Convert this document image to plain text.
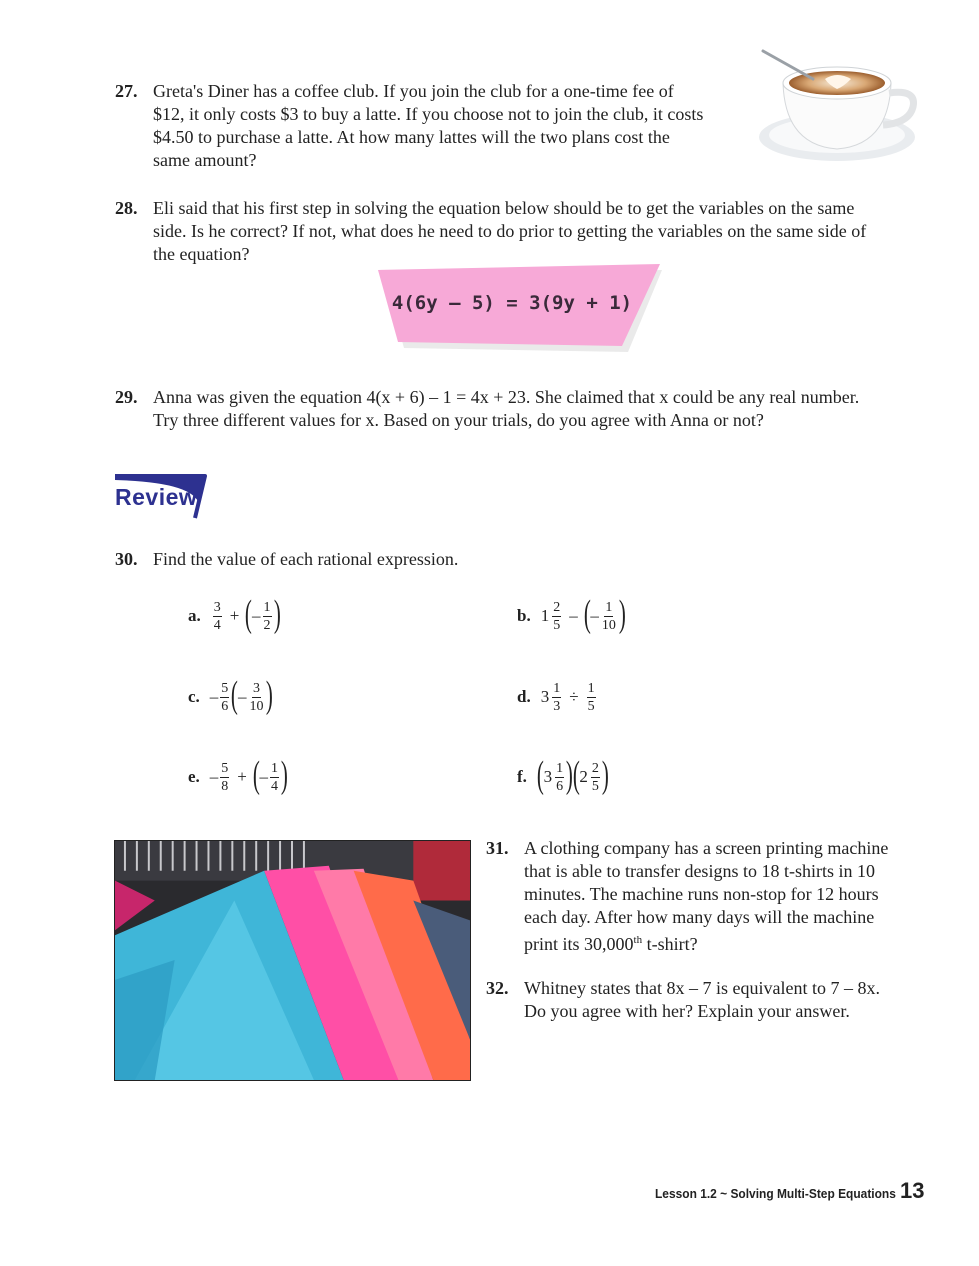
27. Greta's Diner has a coffee club. If you join the club for a one-time fee of

$12, it only costs $3 to buy a latte. If you choose not to join the club, it costs

$4.50 to purchase a latte. At how many lattes will the two plans cost the

same amount?

28. Eli said that his first step in solving the equation below should be to get the variables on the same

side. Is he correct? If not, what does he need to do prior to getting the variables on the same side of

the equation?

4(6y – 5) = 3(9y + 1)
29. Anna was given the equation 4(x + 6) – 1 = 4x + 23. She claimed that x could be any real number.

Try three different values for x. Based on your trials, do you agree with Anna or not?

Review
30. Find the value of each rational expression.
a. $\frac{3}{4}$ + ( – $\frac{1}{2}$ )	b. $1 \frac{2}{5}$ – ( – $\frac{1}{10}$ )
c. – $\frac{5}{6}$ ( – $\frac{3}{10}$ )	d. $3 \frac{1}{3} \div \frac{1}{5}$
e. – $\frac{5}{8}$ + ( – $\frac{1}{4}$ )	f. ( $3 \frac{1}{6}$ ) ( $2 \frac{2}{5}$ )
31. A clothing company has a screen printing machine

that is able to transfer designs to 18 t-shirts in 10

minutes. The machine runs non-stop for 12 hours

each day. After how many days will the machine

print its 30,000th t-shirt?

32. Whitney states that 8x – 7 is equivalent to 7 – 8x.

Do you agree with her? Explain your answer.

Lesson 1.2 ~ Solving Multi-Step Equations 13
